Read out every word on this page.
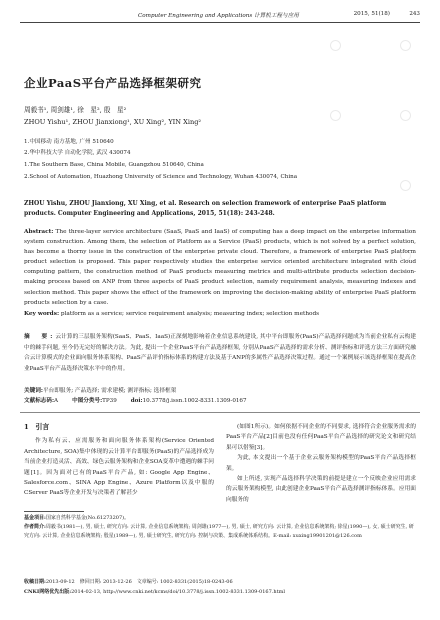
Computer Engineering and Applications 计算机工程与应用	2015, 51(18)	243
企业PaaS平台产品选择框架研究
周毅书¹, 周剑雄¹, 徐　星², 殷　星²
ZHOU Yishu¹, ZHOU Jianxiong¹, XU Xing², YIN Xing²
1.中国移动 南方基地, 广州 510640
2.华中科技大学 自动化学院, 武汉 430074
1.The Southern Base, China Mobile, Guangzhou 510640, China
2.School of Automation, Huazhong University of Science and Technology, Wuhan 430074, China
ZHOU Yishu, ZHOU Jianxiong, XU Xing, et al. Research on selection framework of enterprise PaaS platform products. Computer Engineering and Applications, 2015, 51(18): 243-248.
Abstract: The three-layer service architecture (SaaS, PaaS and IaaS) of computing has a deep impact on the enterprise information system construction. Among them, the selection of Platform as a Service (PaaS) products, which is not solved by a perfect solution, has become a thorny issue in the construction of the enterprise private cloud. Therefore, a framework of enterprise PaaS platform product selection is proposed. This paper respectively studies the enterprise service oriented architecture integrated with cloud computing pattern, the construction method of PaaS products measuring metrics and multi-attribute products selection decision-making process based on ANP from three aspects of PaaS product selection, namely requirement analysis, measuring indexes and selection method. This paper shows the effect of the framework on improving the decision-making ability of enterprise PaaS platform products selection by a case.
Key words: platform as a service; service requirement analysis; measuring index; selection methods
摘　要:云计算的三层服务架构(SaaS、PaaS、IaaS)正深刻地影响着企业信息系统建设, 其中平台即服务(PaaS)产品选择问题成为当前企业私有云构建中的棘手问题, 至今仍无完好的解决方法。为此, 提出一个企业PaaS平台产品选择框架, 分别从PaaS产品选择的需求分析、测评指标和评选方法三方面研究融合云计算模式的企业面向服务体系架构、PaaS产品评价指标体系的构建方法及基于ANP的多属性产品选择决策过程。通过一个案例展示该选择框架在提高企业PaaS平台产品选择决策水平中的作用。
关键词:平台即服务; 产品选择; 需求建模; 测评指标; 选择框架
文献标志码:A	中图分类号:TP39	doi:10.3778/j.issn.1002-8331.1309-0167
1　引言

作为私有云、应需服务和面向服务体系架构(Service Oriented Architecture, SOA)集中体现的云计算平台即服务(PaaS)的产品选择成为当前企业打造灵活、高效、绿色云服务架构和企业SOA变革中遭遇的棘手问题[1]。因为面对已有的PaaS平台产品, 如: Google App Engine、Salesforce.com、SINA App Engine、Azure Platform以及中服的CServer PaaS等企业开发与决策者了解甚少

(如图1所示)。如何依据不同企业的不同要求, 选择符合企业服务需求的PaaS平台产品[2]目前也没有任何PaaS平台产品选择的研究论文和研究结果可以借鉴[3]。

为此, 本文提出一个基于企业云服务架构模型的PaaS平台产品选择框架。

如上所述, 实现产品选择科学决策的前提是建立一个反映企业应用需求的云服务架构模型, 由此创建企业PaaS平台产品选择测评指标体系。应用面向服务的

基金项目:国家自然科学基金(No.61273207)。
作者简介:周毅书(1981—), 男, 硕士, 研究方向: 云计算, 企业信息系统架构; 周剑雄(1977—), 男, 硕士, 研究方向: 云计算, 企业信息系统架构; 徐星(1990—), 女, 硕士研究生, 研究方向: 云计算, 企业信息系统架构; 殷星(1989—), 男, 硕士研究生, 研究方向: 控制与决策、集成系统体系结构。E-mail: xuxing19901201@126.com
收稿日期:2013-09-12　修回日期: 2013-12-26　文章编号: 1002-8331(2015)18-0243-06
CNKI网络优先出版:2014-02-13, http://www.cnki.net/kcms/doi/10.3778/j.issn.1002-8331.1309-0167.html
